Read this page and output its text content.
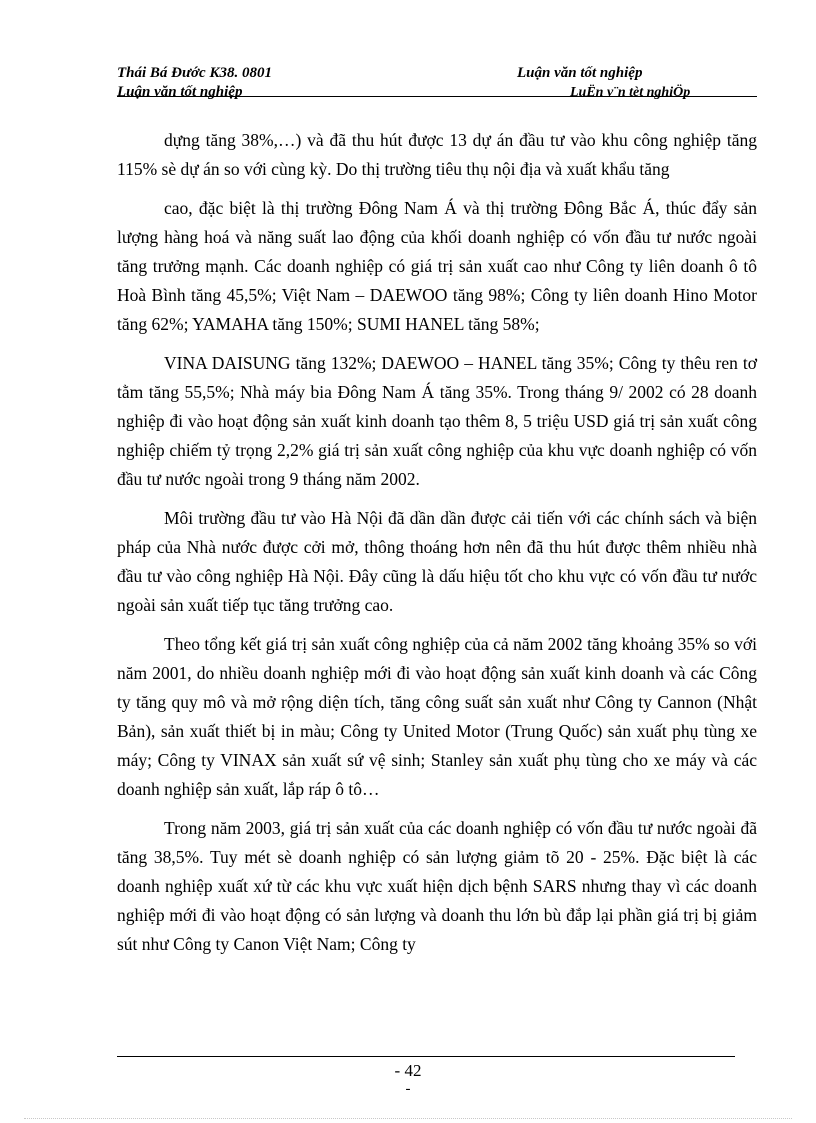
Thái Bá Đước K38. 0801	Luận văn tốt nghiệp
Luận văn tốt nghiệp	LuËn v¨n tèt nghiÖp

dựng tăng 38%,…) và đã thu hút được 13 dự án đầu tư vào khu công nghiệp tăng 115% sè dự án so với cùng kỳ. Do thị trường tiêu thụ nội địa và xuất khẩu tăng

cao, đặc biệt là thị trường Đông Nam Á và thị trường Đông Bắc Á, thúc đẩy sản lượng hàng hoá và năng suất lao động của khối doanh nghiệp có vốn đầu tư nước ngoài tăng trưởng mạnh. Các doanh nghiệp có giá trị sản xuất cao như Công ty liên doanh ô tô Hoà Bình tăng 45,5%; Việt Nam – DAEWOO tăng 98%; Công ty liên doanh Hino Motor tăng 62%; YAMAHA tăng 150%; SUMI HANEL tăng 58%;

VINA DAISUNG tăng 132%; DAEWOO – HANEL tăng 35%; Công ty thêu ren tơ tằm tăng 55,5%; Nhà máy bia Đông Nam Á tăng 35%. Trong tháng 9/ 2002 có 28 doanh nghiệp đi vào hoạt động sản xuất kinh doanh tạo thêm 8, 5 triệu USD giá trị sản xuất công nghiệp chiếm tỷ trọng 2,2% giá trị sản xuất công nghiệp của khu vực doanh nghiệp có vốn đầu tư nước ngoài trong 9 tháng năm 2002.

Môi trường đầu tư vào Hà Nội đã dần dần được cải tiến với các chính sách và biện pháp của Nhà nước được cởi mở, thông thoáng hơn nên đã thu hút được thêm nhiều nhà đầu tư vào công nghiệp Hà Nội. Đây cũng là dấu hiệu tốt cho khu vực có vốn đầu tư nước ngoài sản xuất tiếp tục tăng trưởng cao.

Theo tổng kết giá trị sản xuất công nghiệp của cả năm 2002 tăng khoảng 35% so với năm 2001, do nhiều doanh nghiệp mới đi vào hoạt động sản xuất kinh doanh và các Công ty tăng quy mô và mở rộng diện tích, tăng công suất sản xuất như Công ty Cannon (Nhật Bản), sản xuất thiết bị in màu; Công ty United Motor (Trung Quốc) sản xuất phụ tùng xe máy; Công ty VINAX sản xuất sứ vệ sinh; Stanley sản xuất phụ tùng cho xe máy và các doanh nghiệp sản xuất, lắp ráp ô tô…

Trong năm 2003, giá trị sản xuất của các doanh nghiệp có vốn đầu tư nước ngoài đã tăng 38,5%. Tuy mét sè doanh nghiệp có sản lượng giảm tõ 20 - 25%. Đặc biệt là các doanh nghiệp xuất xứ từ các khu vực xuất hiện dịch bệnh SARS nhưng thay vì các doanh nghiệp mới đi vào hoạt động có sản lượng và doanh thu lớn bù đắp lại phần giá trị bị giảm sút như Công ty Canon Việt Nam; Công ty

- 42
-
